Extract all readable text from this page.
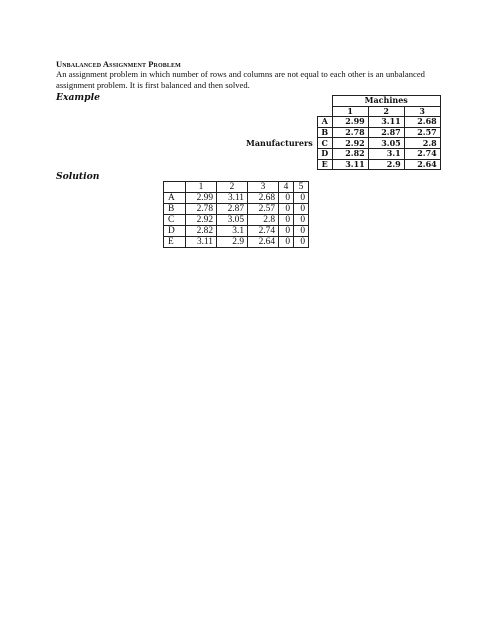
Unbalanced Assignment Problem
An assignment problem in which number of rows and columns are not equal to each other is an unbalanced assignment problem. It is first balanced and then solved.
Example
Solution
		Machines		
		1	2	3
Manufacturers	A	2.99	3.11	2.68
	B	2.78	2.87	2.57
	C	2.92	3.05	2.8
	D	2.82	3.1	2.74
	E	3.11	2.9	2.64
	1	2	3	4	5
A	2.99	3.11	2.68	0	0
B	2.78	2.87	2.57	0	0
C	2.92	3.05	2.8	0	0
D	2.82	3.1	2.74	0	0
E	3.11	2.9	2.64	0	0
